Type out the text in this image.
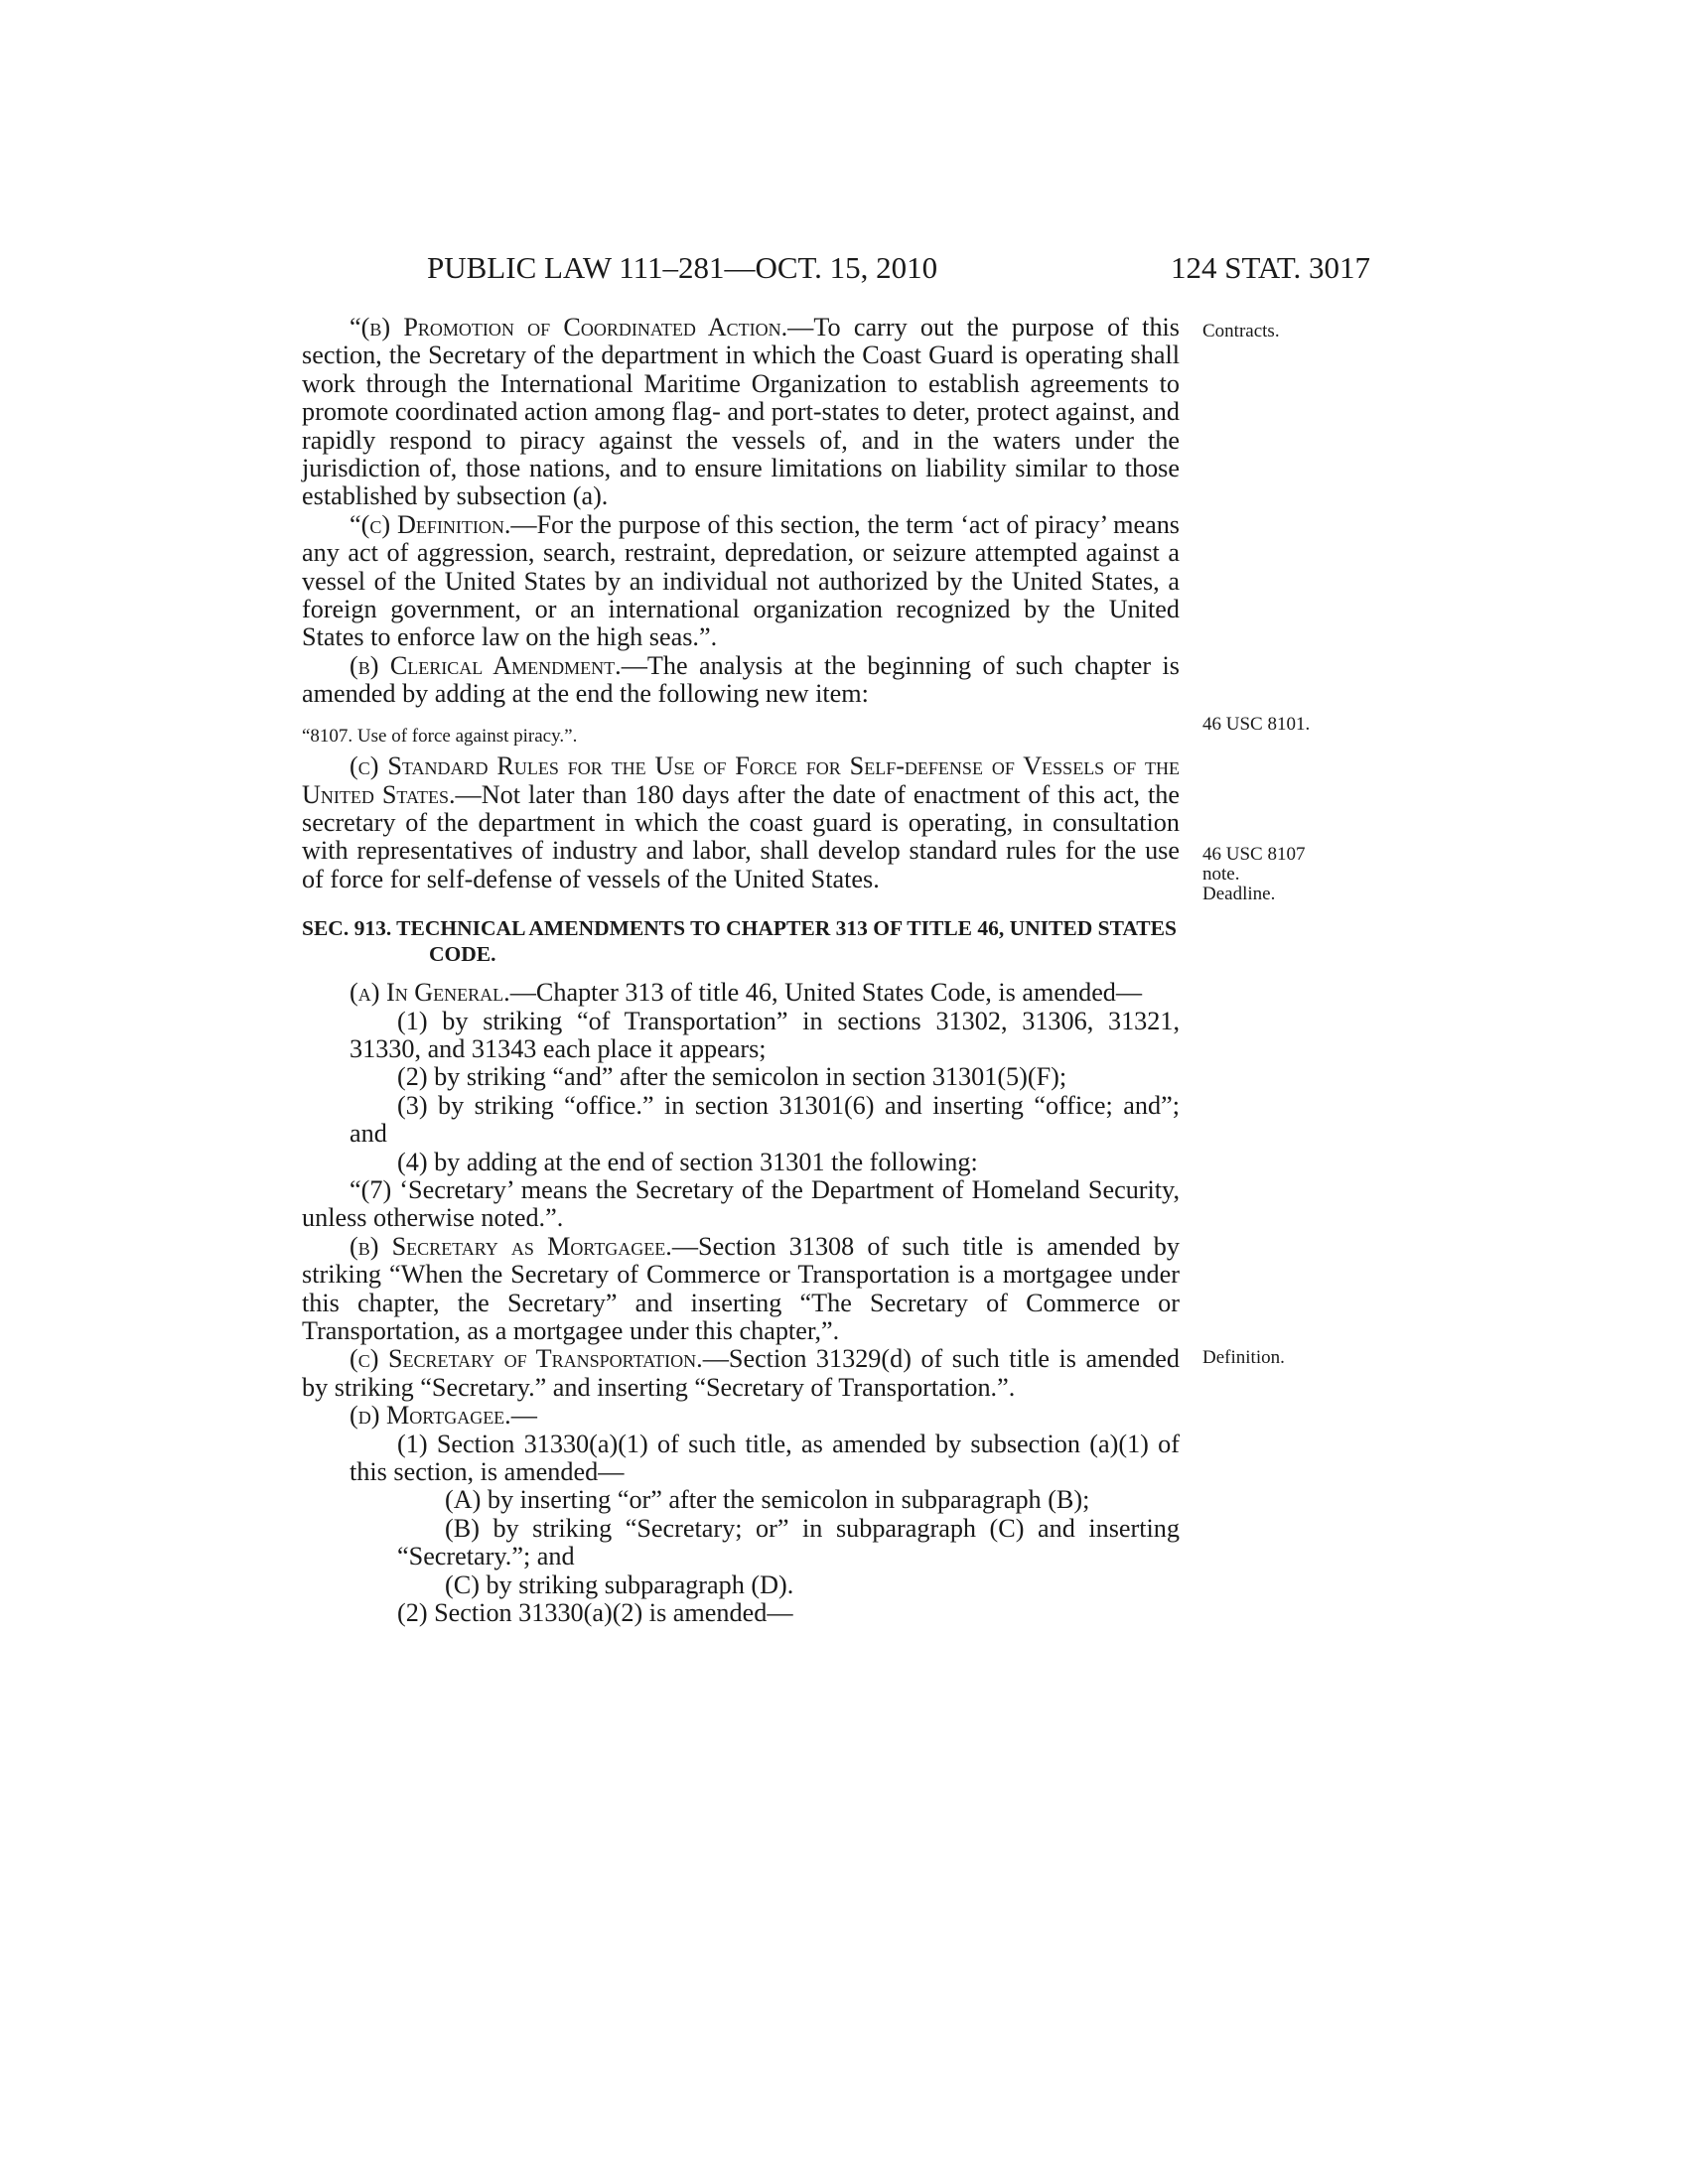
PUBLIC LAW 111–281—OCT. 15, 2010	124 STAT. 3017
Contracts.
46 USC 8101.
46 USC 8107
note.
Deadline.
Definition.

“(b) Promotion of Coordinated Action.—To carry out the purpose of this section, the Secretary of the department in which the Coast Guard is operating shall work through the International Maritime Organization to establish agreements to promote coordinated action among flag- and port-states to deter, protect against, and rapidly respond to piracy against the vessels of, and in the waters under the jurisdiction of, those nations, and to ensure limitations on liability similar to those established by subsection (a).

“(c) Definition.—For the purpose of this section, the term ‘act of piracy’ means any act of aggression, search, restraint, depredation, or seizure attempted against a vessel of the United States by an individual not authorized by the United States, a foreign government, or an international organization recognized by the United States to enforce law on the high seas.”.

(b) Clerical Amendment.—The analysis at the beginning of such chapter is amended by adding at the end the following new item:

“8107. Use of force against piracy.”.

(c) Standard Rules for the Use of Force for Self-defense of Vessels of the United States.—Not later than 180 days after the date of enactment of this act, the secretary of the department in which the coast guard is operating, in consultation with representatives of industry and labor, shall develop standard rules for the use of force for self-defense of vessels of the United States.

SEC. 913. TECHNICAL AMENDMENTS TO CHAPTER 313 OF TITLE 46, UNITED STATES CODE.

(a) In General.—Chapter 313 of title 46, United States Code, is amended—

(1) by striking “of Transportation” in sections 31302, 31306, 31321, 31330, and 31343 each place it appears;

(2) by striking “and” after the semicolon in section 31301(5)(F);

(3) by striking “office.” in section 31301(6) and inserting “office; and”; and

(4) by adding at the end of section 31301 the following:

“(7) ‘Secretary’ means the Secretary of the Department of Homeland Security, unless otherwise noted.”.

(b) Secretary as Mortgagee.—Section 31308 of such title is amended by striking “When the Secretary of Commerce or Transportation is a mortgagee under this chapter, the Secretary” and inserting “The Secretary of Commerce or Transportation, as a mortgagee under this chapter,”.

(c) Secretary of Transportation.—Section 31329(d) of such title is amended by striking “Secretary.” and inserting “Secretary of Transportation.”.

(d) Mortgagee.—

(1) Section 31330(a)(1) of such title, as amended by subsection (a)(1) of this section, is amended—

(A) by inserting “or” after the semicolon in subparagraph (B);

(B) by striking “Secretary; or” in subparagraph (C) and inserting “Secretary.”; and

(C) by striking subparagraph (D).

(2) Section 31330(a)(2) is amended—
